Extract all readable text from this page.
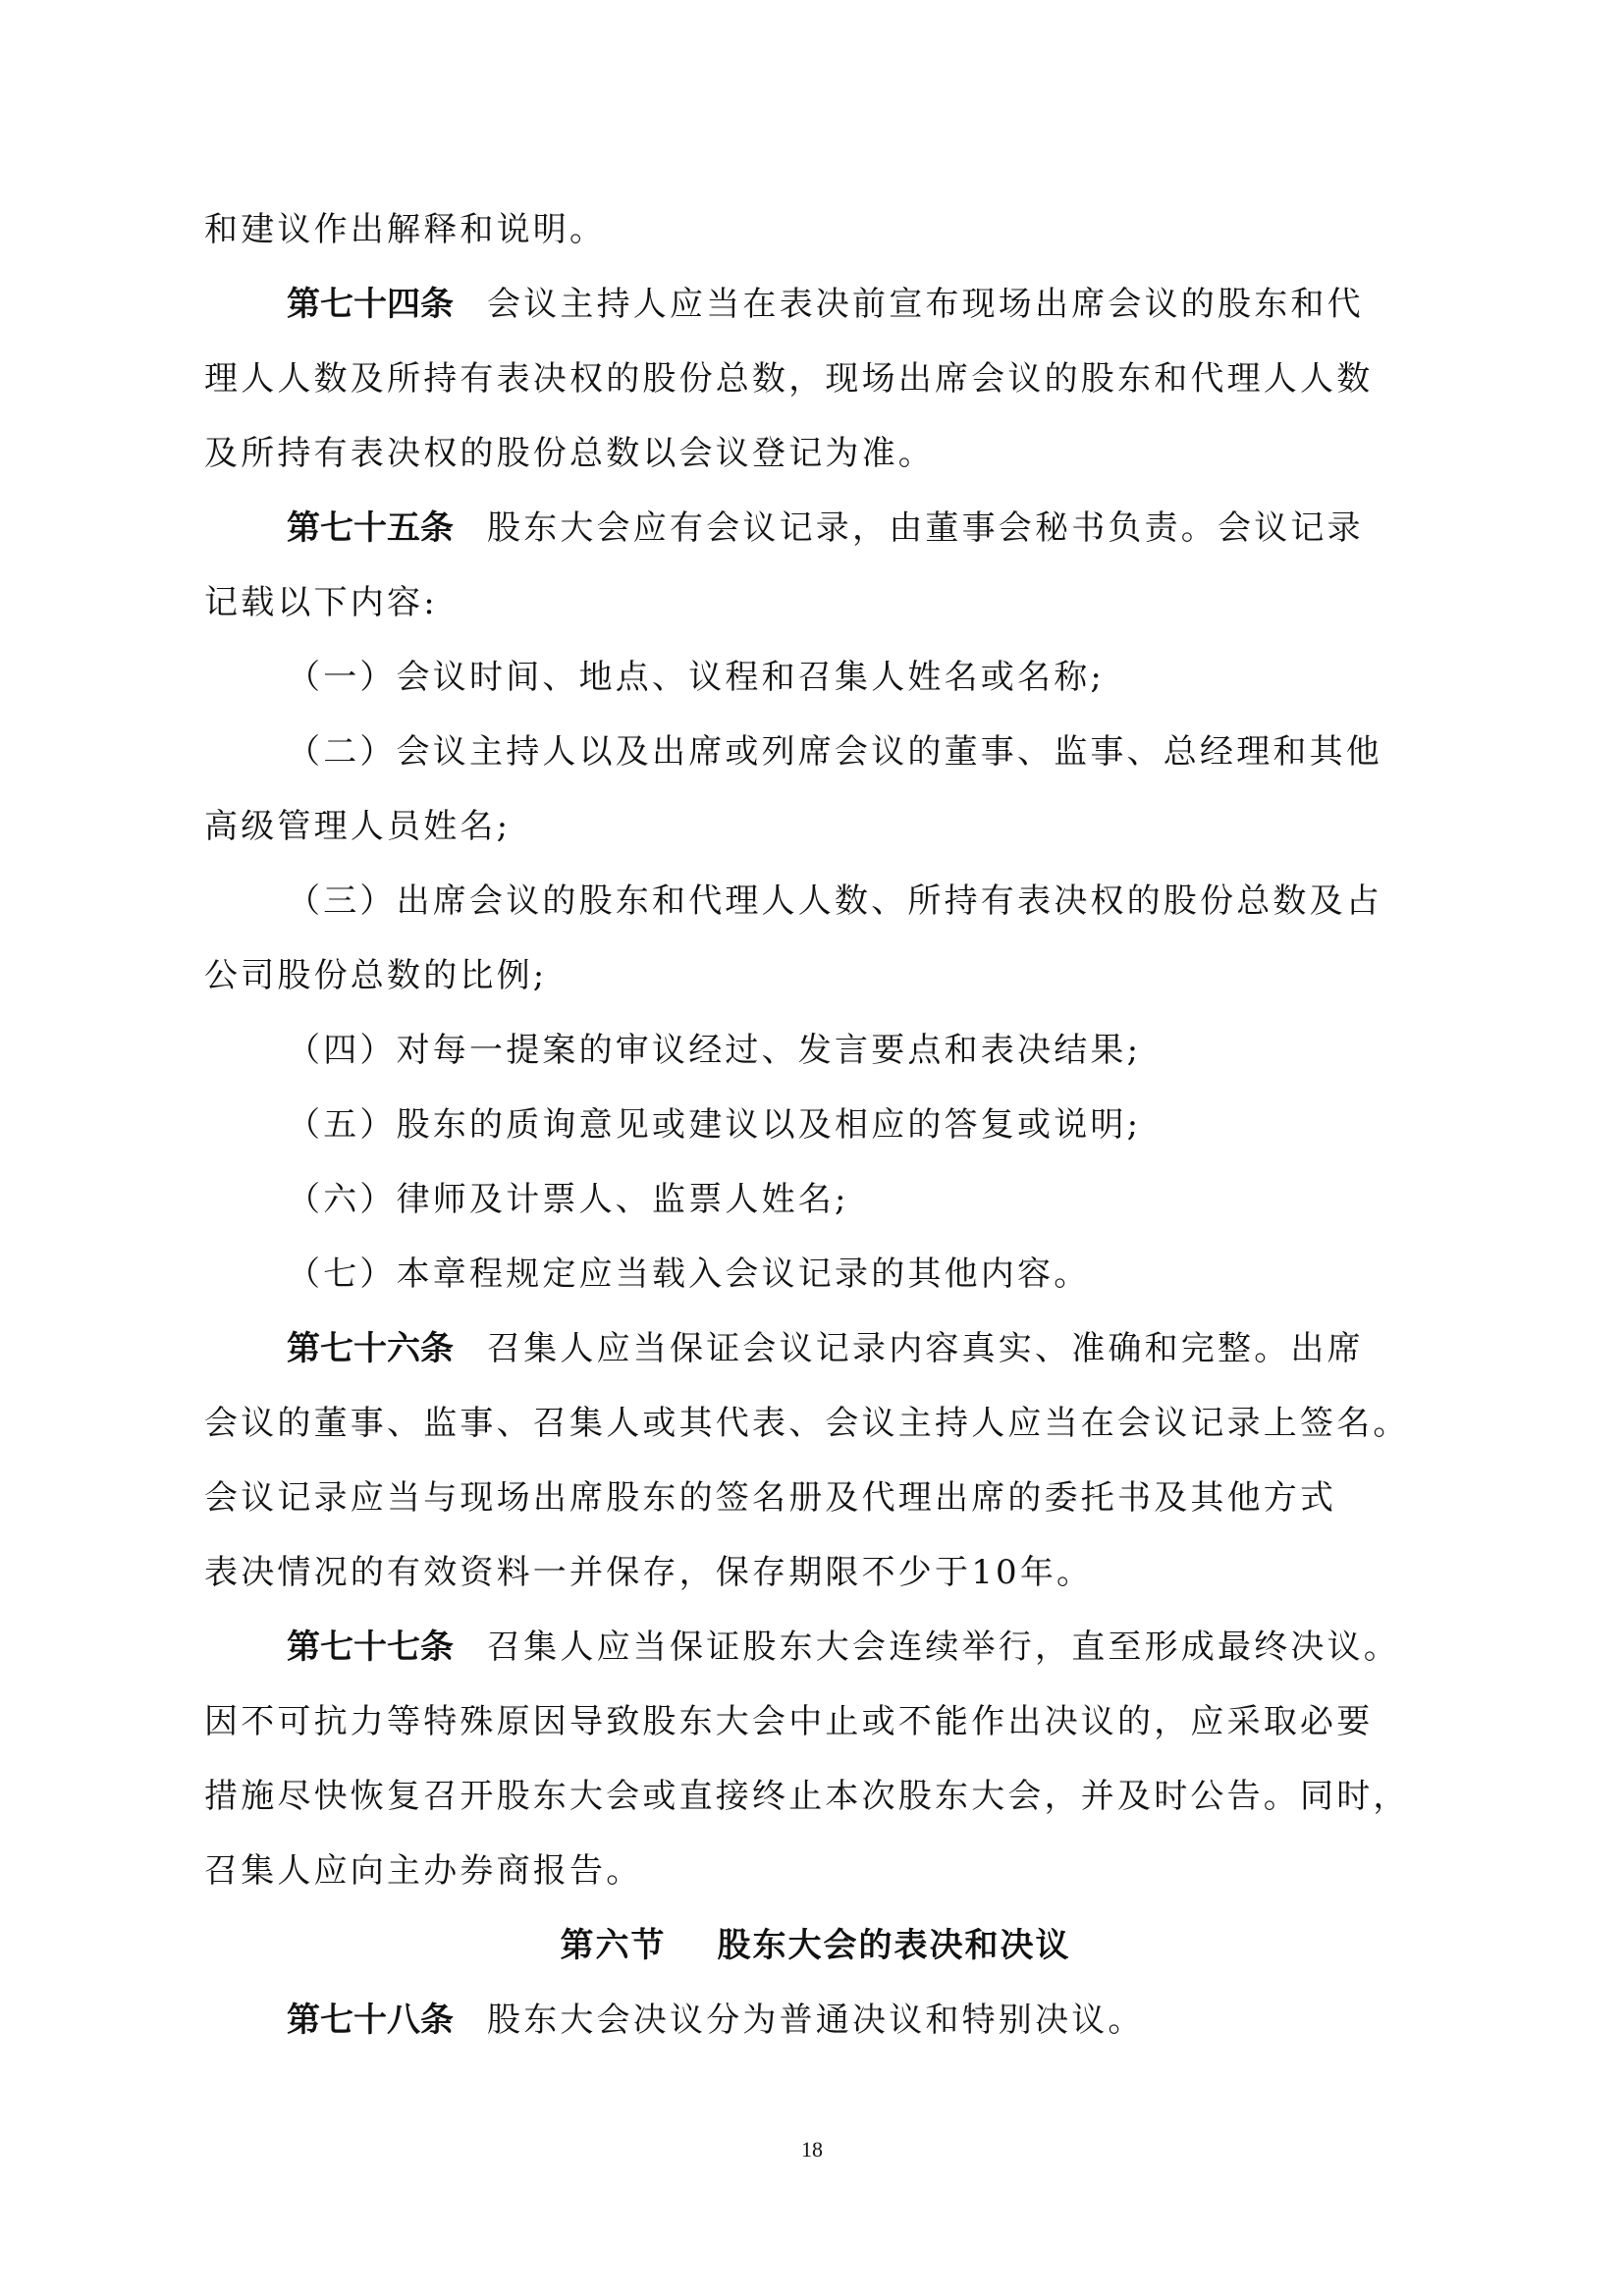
和建议作出解释和说明。
第七十四条 会议主持人应当在表决前宣布现场出席会议的股东和代
理人人数及所持有表决权的股份总数，现场出席会议的股东和代理人人数
及所持有表决权的股份总数以会议登记为准。
第七十五条 股东大会应有会议记录，由董事会秘书负责。会议记录
记载以下内容:
（一）会议时间、地点、议程和召集人姓名或名称;
（二）会议主持人以及出席或列席会议的董事、监事、总经理和其他
高级管理人员姓名;
（三）出席会议的股东和代理人人数、所持有表决权的股份总数及占
公司股份总数的比例;
（四）对每一提案的审议经过、发言要点和表决结果;
（五）股东的质询意见或建议以及相应的答复或说明;
（六）律师及计票人、监票人姓名;
（七）本章程规定应当载入会议记录的其他内容。
第七十六条 召集人应当保证会议记录内容真实、准确和完整。出席
会议的董事、监事、召集人或其代表、会议主持人应当在会议记录上签名。
会议记录应当与现场出席股东的签名册及代理出席的委托书及其他方式
表决情况的有效资料一并保存，保存期限不少于10年。
第七十七条 召集人应当保证股东大会连续举行，直至形成最终决议。
因不可抗力等特殊原因导致股东大会中止或不能作出决议的，应采取必要
措施尽快恢复召开股东大会或直接终止本次股东大会，并及时公告。同时，
召集人应向主办券商报告。
第六节 股东大会的表决和决议
第七十八条 股东大会决议分为普通决议和特别决议。
18
